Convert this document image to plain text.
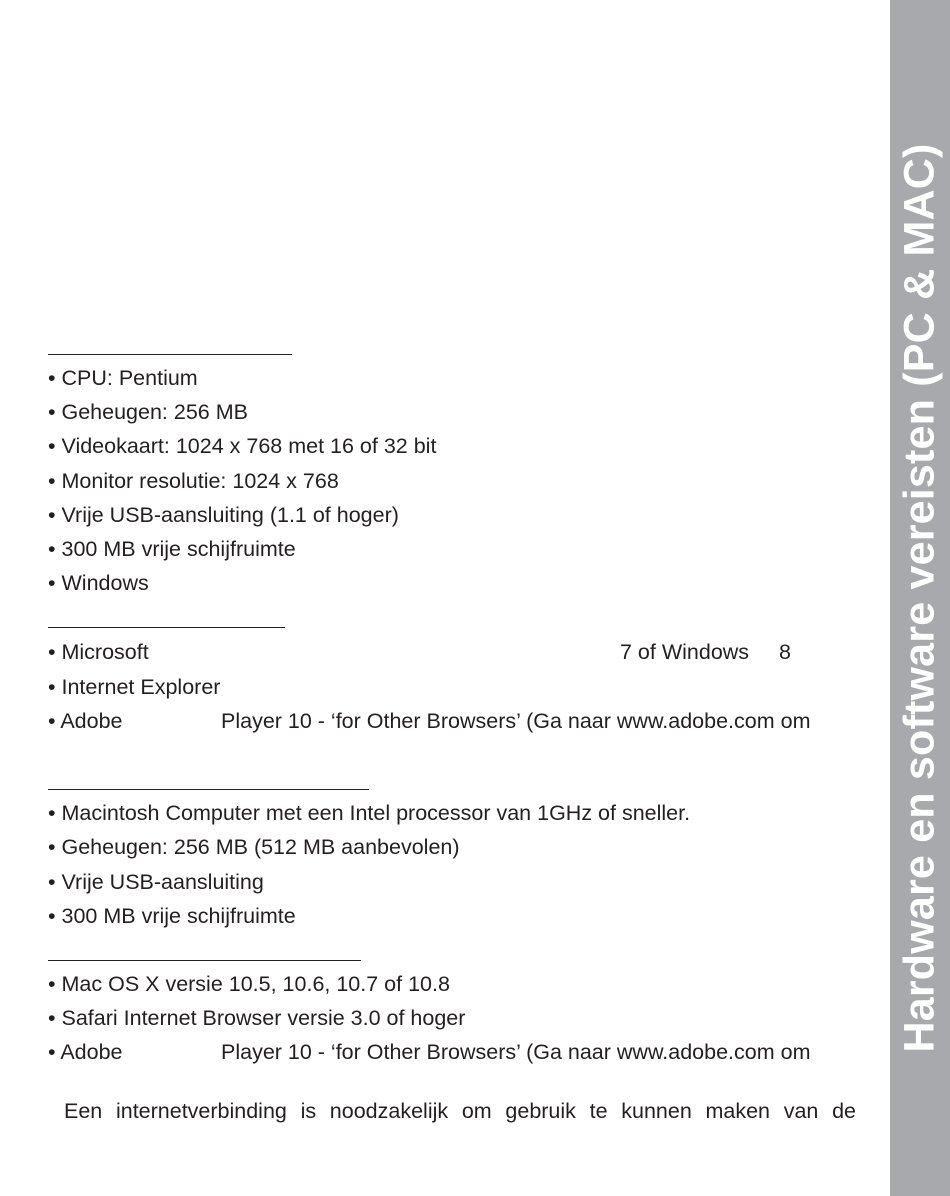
Hardware en software vereisten (PC & MAC)
• CPU: Pentium
• Geheugen: 256 MB
• Videokaart: 1024 x 768 met 16 of 32 bit
• Monitor resolutie: 1024 x 768
• Vrije USB-aansluiting (1.1 of hoger)
• 300 MB vrije schijfruimte
• Windows
• Microsoft	7 of Windows 8
• Internet Explorer
• Adobe	Player 10 - ‘for Other Browsers’ (Ga naar www.adobe.com om
• Macintosh Computer met een Intel processor van 1GHz of sneller.
• Geheugen: 256 MB (512 MB aanbevolen)
• Vrije USB-aansluiting
• 300 MB vrije schijfruimte
• Mac OS X versie 10.5, 10.6, 10.7 of 10.8
• Safari Internet Browser versie 3.0 of hoger
• Adobe	Player 10 - ‘for Other Browsers’ (Ga naar www.adobe.com om
Een internetverbinding is noodzakelijk om gebruik te kunnen maken van de
